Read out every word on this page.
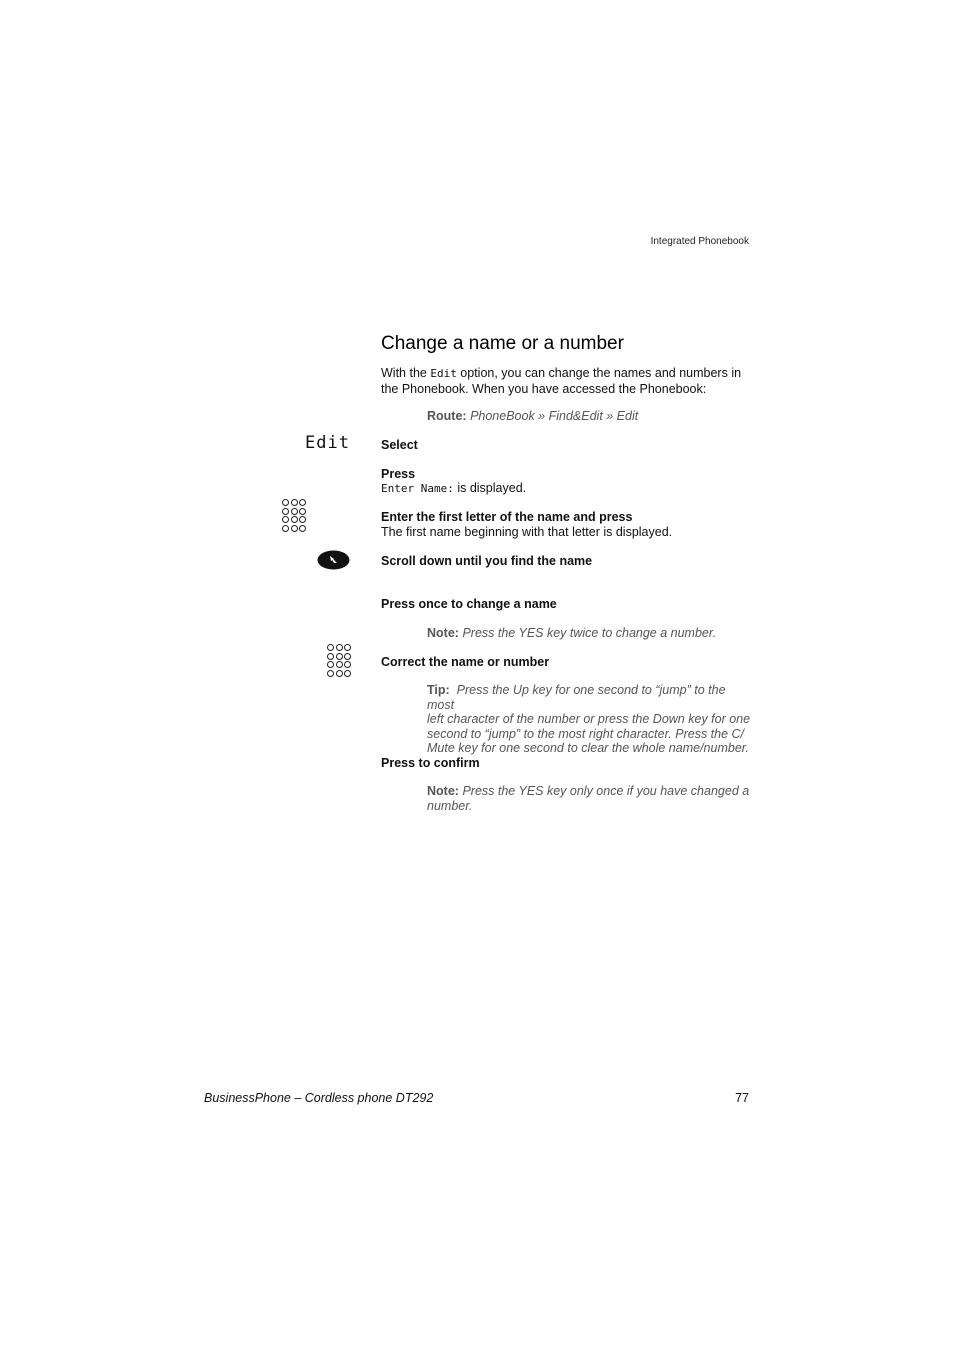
Integrated Phonebook
Change a name or a number
With the Edit option, you can change the names and numbers in
the Phonebook. When you have accessed the Phonebook:
Route: PhoneBook » Find&Edit » Edit
Edit Select
Press
Enter Name: is displayed.
Enter the first letter of the name and press
The first name beginning with that letter is displayed.
Scroll down until you find the name
Press once to change a name
Note: Press the YES key twice to change a number.
Correct the name or number
Tip: Press the Up key for one second to “jump” to the most
left character of the number or press the Down key for one
second to “jump” to the most right character. Press the C/
Mute key for one second to clear the whole name/number.
Press to confirm
Note: Press the YES key only once if you have changed a
number.
BusinessPhone – Cordless phone DT292	77
